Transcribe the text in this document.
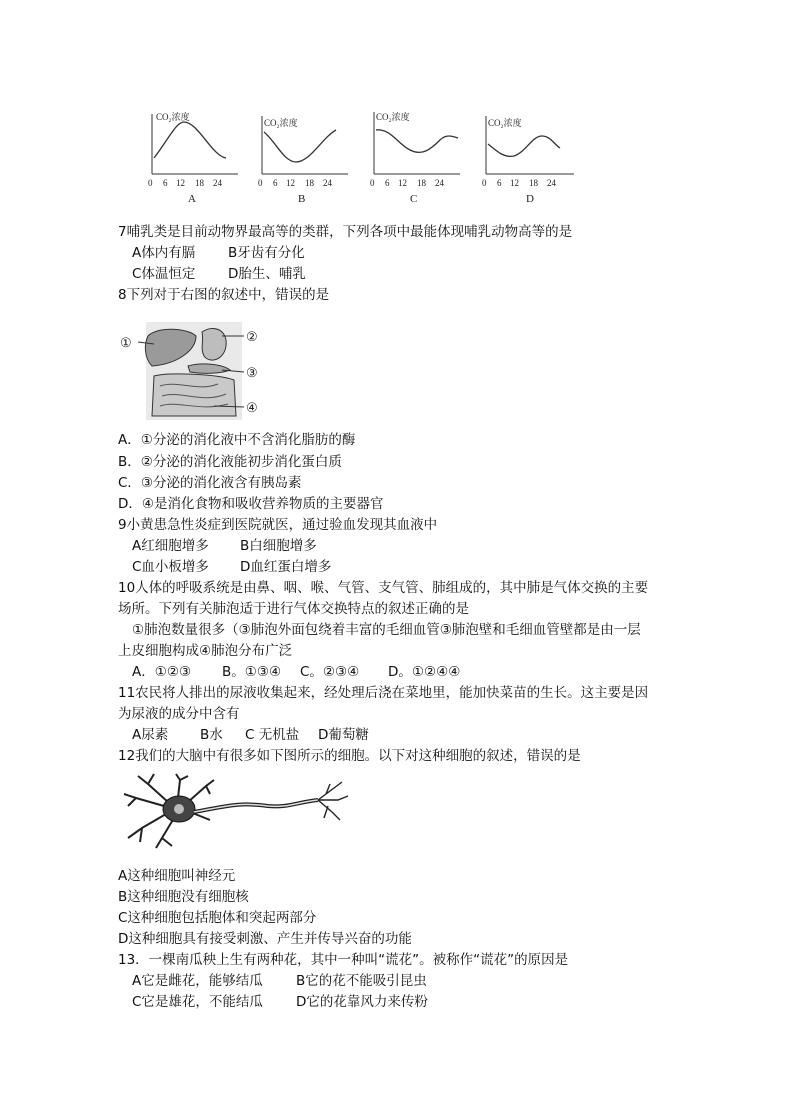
CO₂浓度
0 6 12 18 24
A
CO₂浓度
0 6 12 18 24
B
CO₂浓度
0 6 12 18 24
C
CO₂浓度
0 6 12 18 24
D
7哺乳类是目前动物界最高等的类群，下列各项中最能体现哺乳动物高等的是
A体内有膈 B牙齿有分化
C体温恒定 D胎生、哺乳
8下列对于右图的叙述中，错误的是
①	②
③
④
A．①分泌的消化液中不含消化脂肪的酶
B．②分泌的消化液能初步消化蛋白质
C．③分泌的消化液含有胰岛素
D．④是消化食物和吸收营养物质的主要器官
9小黄患急性炎症到医院就医，通过验血发现其血液中
A红细胞增多 B白细胞增多
C血小板增多 D血红蛋白增多
10人体的呼吸系统是由鼻、咽、喉、气管、支气管、肺组成的，其中肺是气体交换的主要
场所。下列有关肺泡适于进行气体交换特点的叙述正确的是
①肺泡数量很多（③肺泡外面包绕着丰富的毛细血管③肺泡壁和毛细血管壁都是由一层
上皮细胞构成④肺泡分布广泛
A．①②③ B。①③④ C。②③④ D。①②④④
11农民将人排出的尿液收集起来，经处理后浇在菜地里，能加快菜苗的生长。这主要是因
为尿液的成分中含有
A尿素 B水 C 无机盐 D葡萄糖
12我们的大脑中有很多如下图所示的细胞。以下对这种细胞的叙述，错误的是
A这种细胞叫神经元
B这种细胞没有细胞核
C这种细胞包括胞体和突起两部分
D这种细胞具有接受刺激、产生并传导兴奋的功能
13．一棵南瓜秧上生有两种花，其中一种叫“谎花”。被称作“谎花”的原因是
A它是雌花，能够结瓜 B它的花不能吸引昆虫
C它是雄花，不能结瓜 D它的花靠风力来传粉
